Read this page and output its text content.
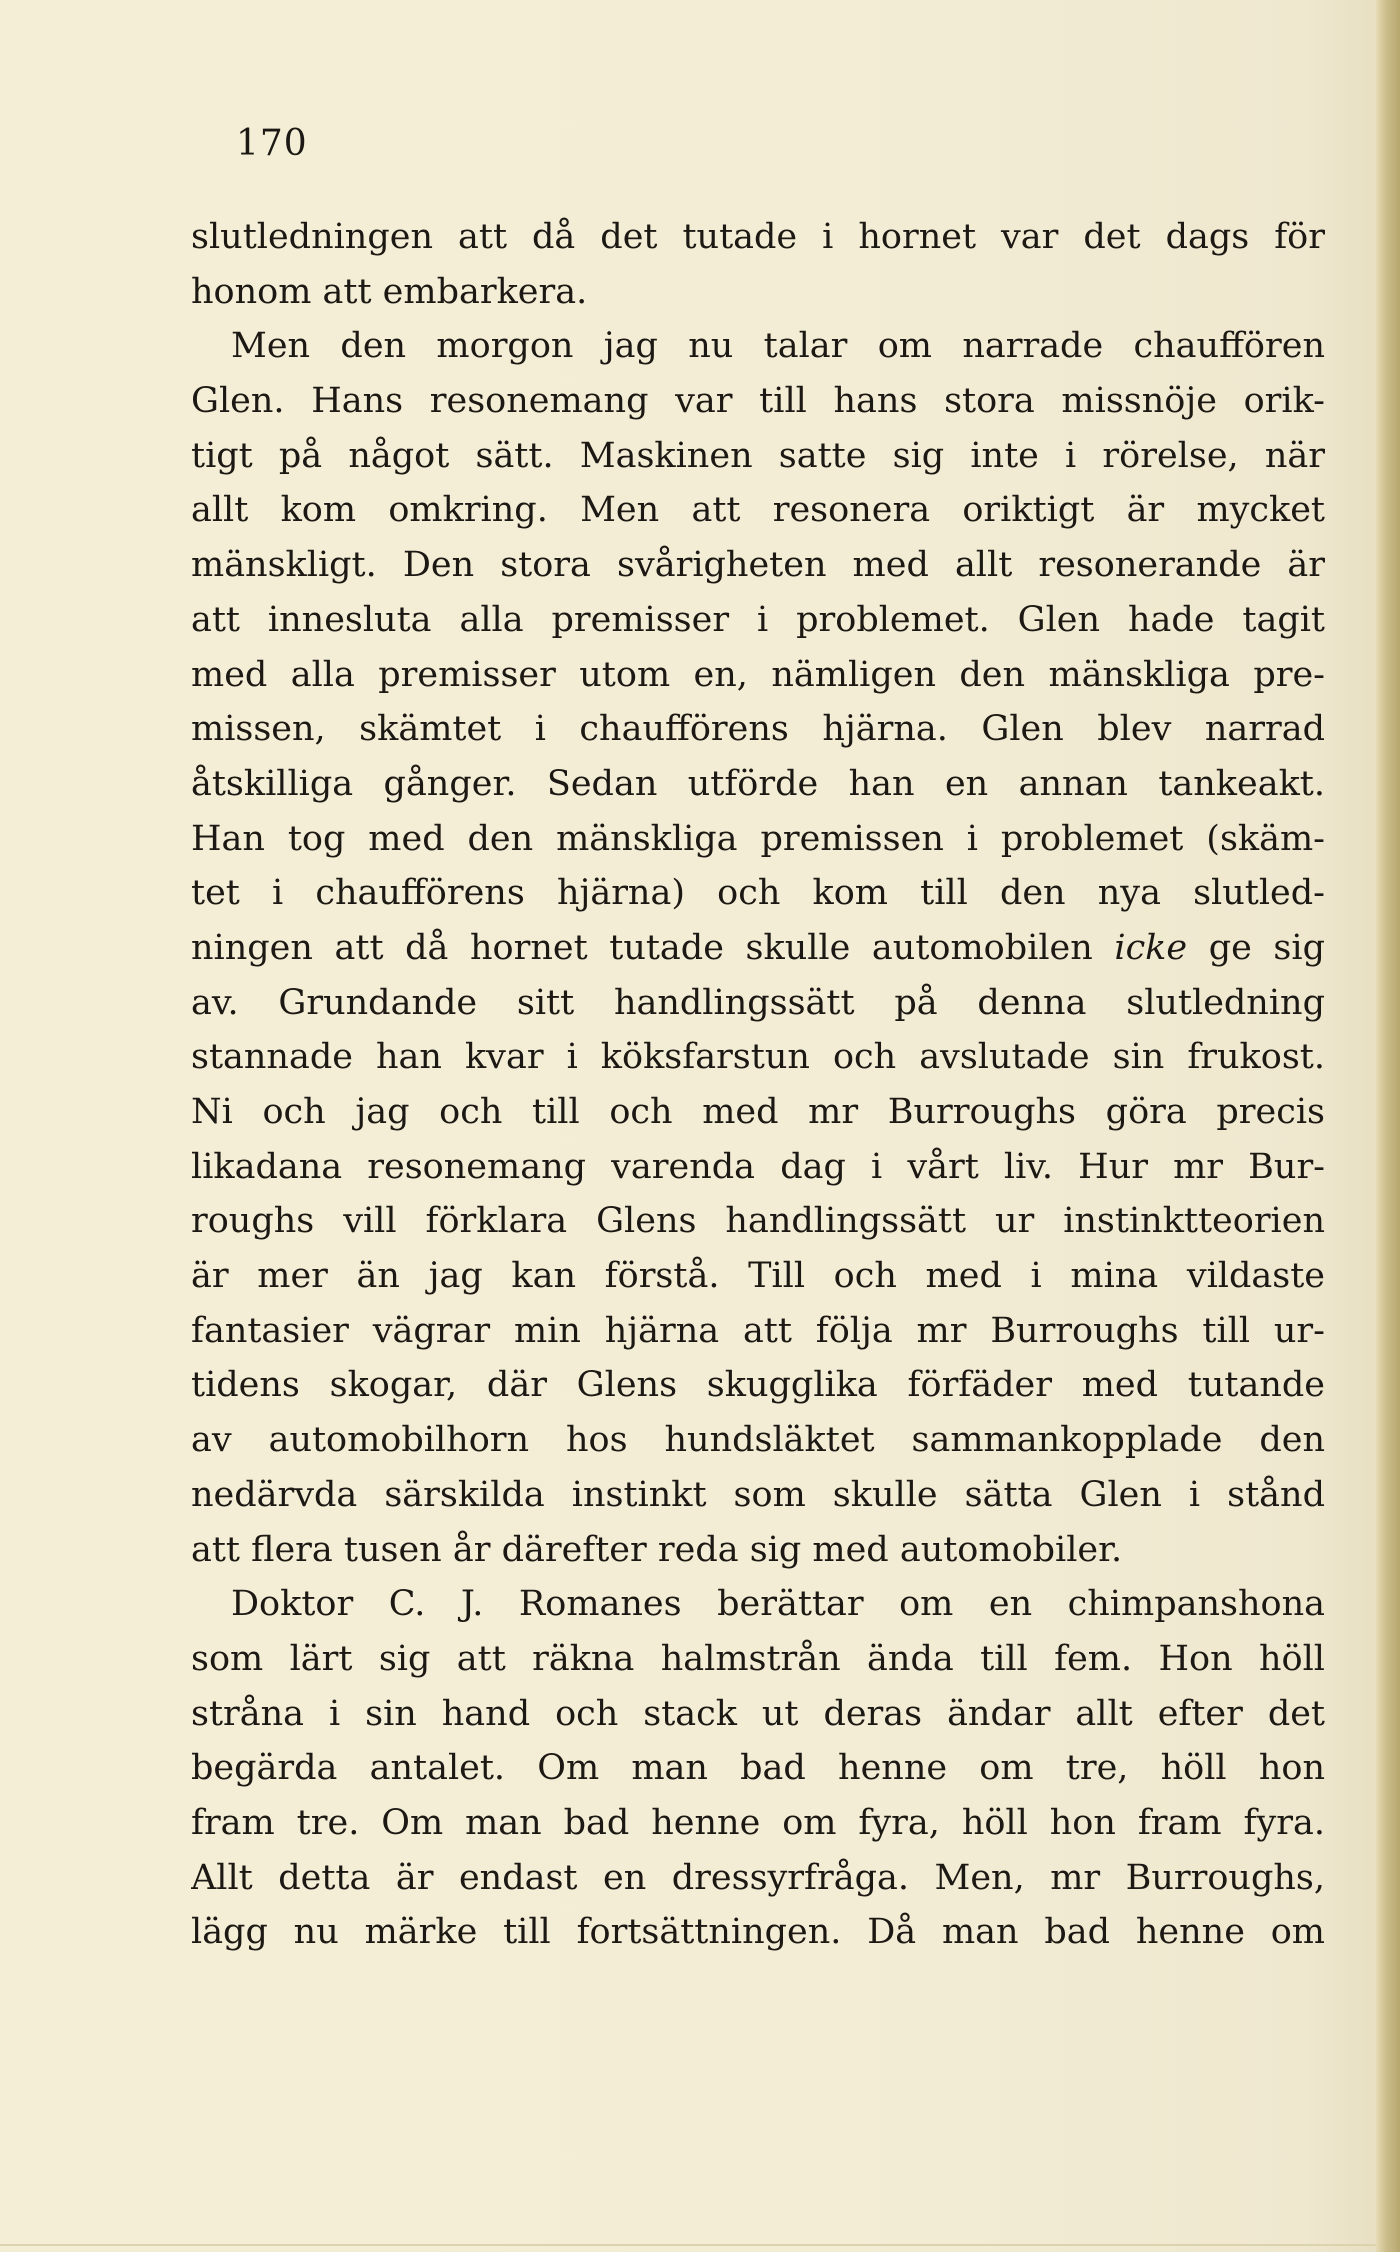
170
slutledningen att då det tutade i hornet var det dags för
honom att embarkera.
Men den morgon jag nu talar om narrade chauffören
Glen. Hans resonemang var till hans stora missnöje orik-
tigt på något sätt. Maskinen satte sig inte i rörelse, när
allt kom omkring. Men att resonera oriktigt är mycket
mänskligt. Den stora svårigheten med allt resonerande är
att innesluta alla premisser i problemet. Glen hade tagit
med alla premisser utom en, nämligen den mänskliga pre-
missen, skämtet i chaufförens hjärna. Glen blev narrad
åtskilliga gånger. Sedan utförde han en annan tankeakt.
Han tog med den mänskliga premissen i problemet (skäm-
tet i chaufförens hjärna) och kom till den nya slutled-
ningen att då hornet tutade skulle automobilen icke ge sig
av. Grundande sitt handlingssätt på denna slutledning
stannade han kvar i köksfarstun och avslutade sin frukost.
Ni och jag och till och med mr Burroughs göra precis
likadana resonemang varenda dag i vårt liv. Hur mr Bur-
roughs vill förklara Glens handlingssätt ur instinktteorien
är mer än jag kan förstå. Till och med i mina vildaste
fantasier vägrar min hjärna att följa mr Burroughs till ur-
tidens skogar, där Glens skugglika förfäder med tutande
av automobilhorn hos hundsläktet sammankopplade den
nedärvda särskilda instinkt som skulle sätta Glen i stånd
att flera tusen år därefter reda sig med automobiler.
Doktor C. J. Romanes berättar om en chimpanshona
som lärt sig att räkna halmstrån ända till fem. Hon höll
stråna i sin hand och stack ut deras ändar allt efter det
begärda antalet. Om man bad henne om tre, höll hon
fram tre. Om man bad henne om fyra, höll hon fram fyra.
Allt detta är endast en dressyrfråga. Men, mr Burroughs,
lägg nu märke till fortsättningen. Då man bad henne om
